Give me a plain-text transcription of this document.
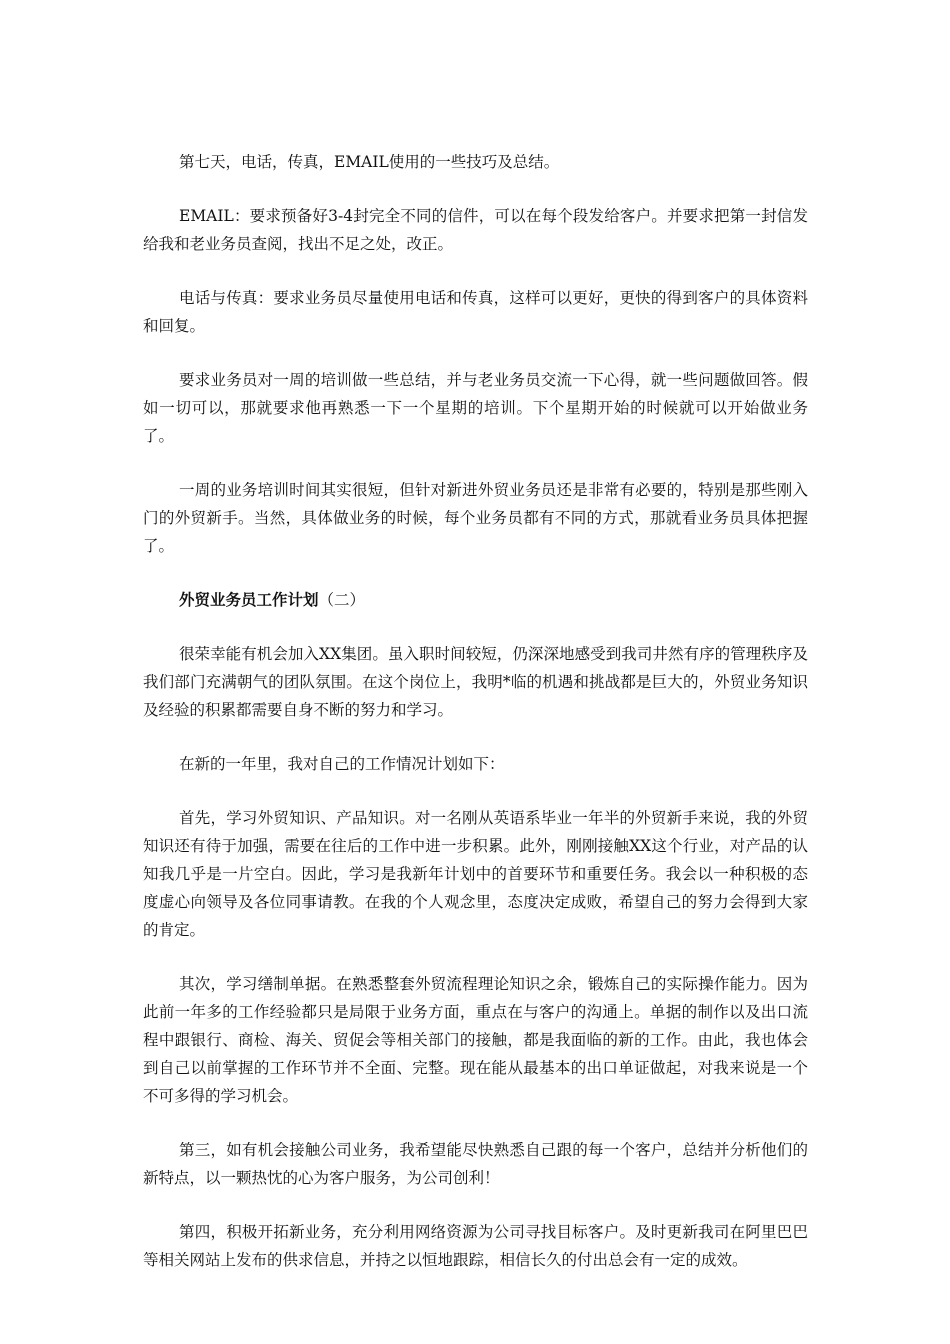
第七天，电话，传真，EMAIL使用的一些技巧及总结。

EMAIL：要求预备好3-4封完全不同的信件，可以在每个段发给客户。并要求把第一封信发给我和老业务员查阅，找出不足之处，改正。

电话与传真：要求业务员尽量使用电话和传真，这样可以更好，更快的得到客户的具体资料和回复。

要求业务员对一周的培训做一些总结，并与老业务员交流一下心得，就一些问题做回答。假如一切可以，那就要求他再熟悉一下一个星期的培训。下个星期开始的时候就可以开始做业务了。

一周的业务培训时间其实很短，但针对新进外贸业务员还是非常有必要的，特别是那些刚入门的外贸新手。当然，具体做业务的时候，每个业务员都有不同的方式，那就看业务员具体把握了。

外贸业务员工作计划（二）

很荣幸能有机会加入XX集团。虽入职时间较短，仍深深地感受到我司井然有序的管理秩序及我们部门充满朝气的团队氛围。在这个岗位上，我明*临的机遇和挑战都是巨大的，外贸业务知识及经验的积累都需要自身不断的努力和学习。

在新的一年里，我对自己的工作情况计划如下：

首先，学习外贸知识、产品知识。对一名刚从英语系毕业一年半的外贸新手来说，我的外贸知识还有待于加强，需要在往后的工作中进一步积累。此外，刚刚接触XX这个行业，对产品的认知我几乎是一片空白。因此，学习是我新年计划中的首要环节和重要任务。我会以一种积极的态度虚心向领导及各位同事请教。在我的个人观念里，态度决定成败，希望自己的努力会得到大家的肯定。

其次，学习缮制单据。在熟悉整套外贸流程理论知识之余，锻炼自己的实际操作能力。因为此前一年多的工作经验都只是局限于业务方面，重点在与客户的沟通上。单据的制作以及出口流程中跟银行、商检、海关、贸促会等相关部门的接触，都是我面临的新的工作。由此，我也体会到自己以前掌握的工作环节并不全面、完整。现在能从最基本的出口单证做起，对我来说是一个不可多得的学习机会。

第三，如有机会接触公司业务，我希望能尽快熟悉自己跟的每一个客户，总结并分析他们的新特点，以一颗热忱的心为客户服务，为公司创利！

第四，积极开拓新业务，充分利用网络资源为公司寻找目标客户。及时更新我司在阿里巴巴等相关网站上发布的供求信息，并持之以恒地跟踪，相信长久的付出总会有一定的成效。
